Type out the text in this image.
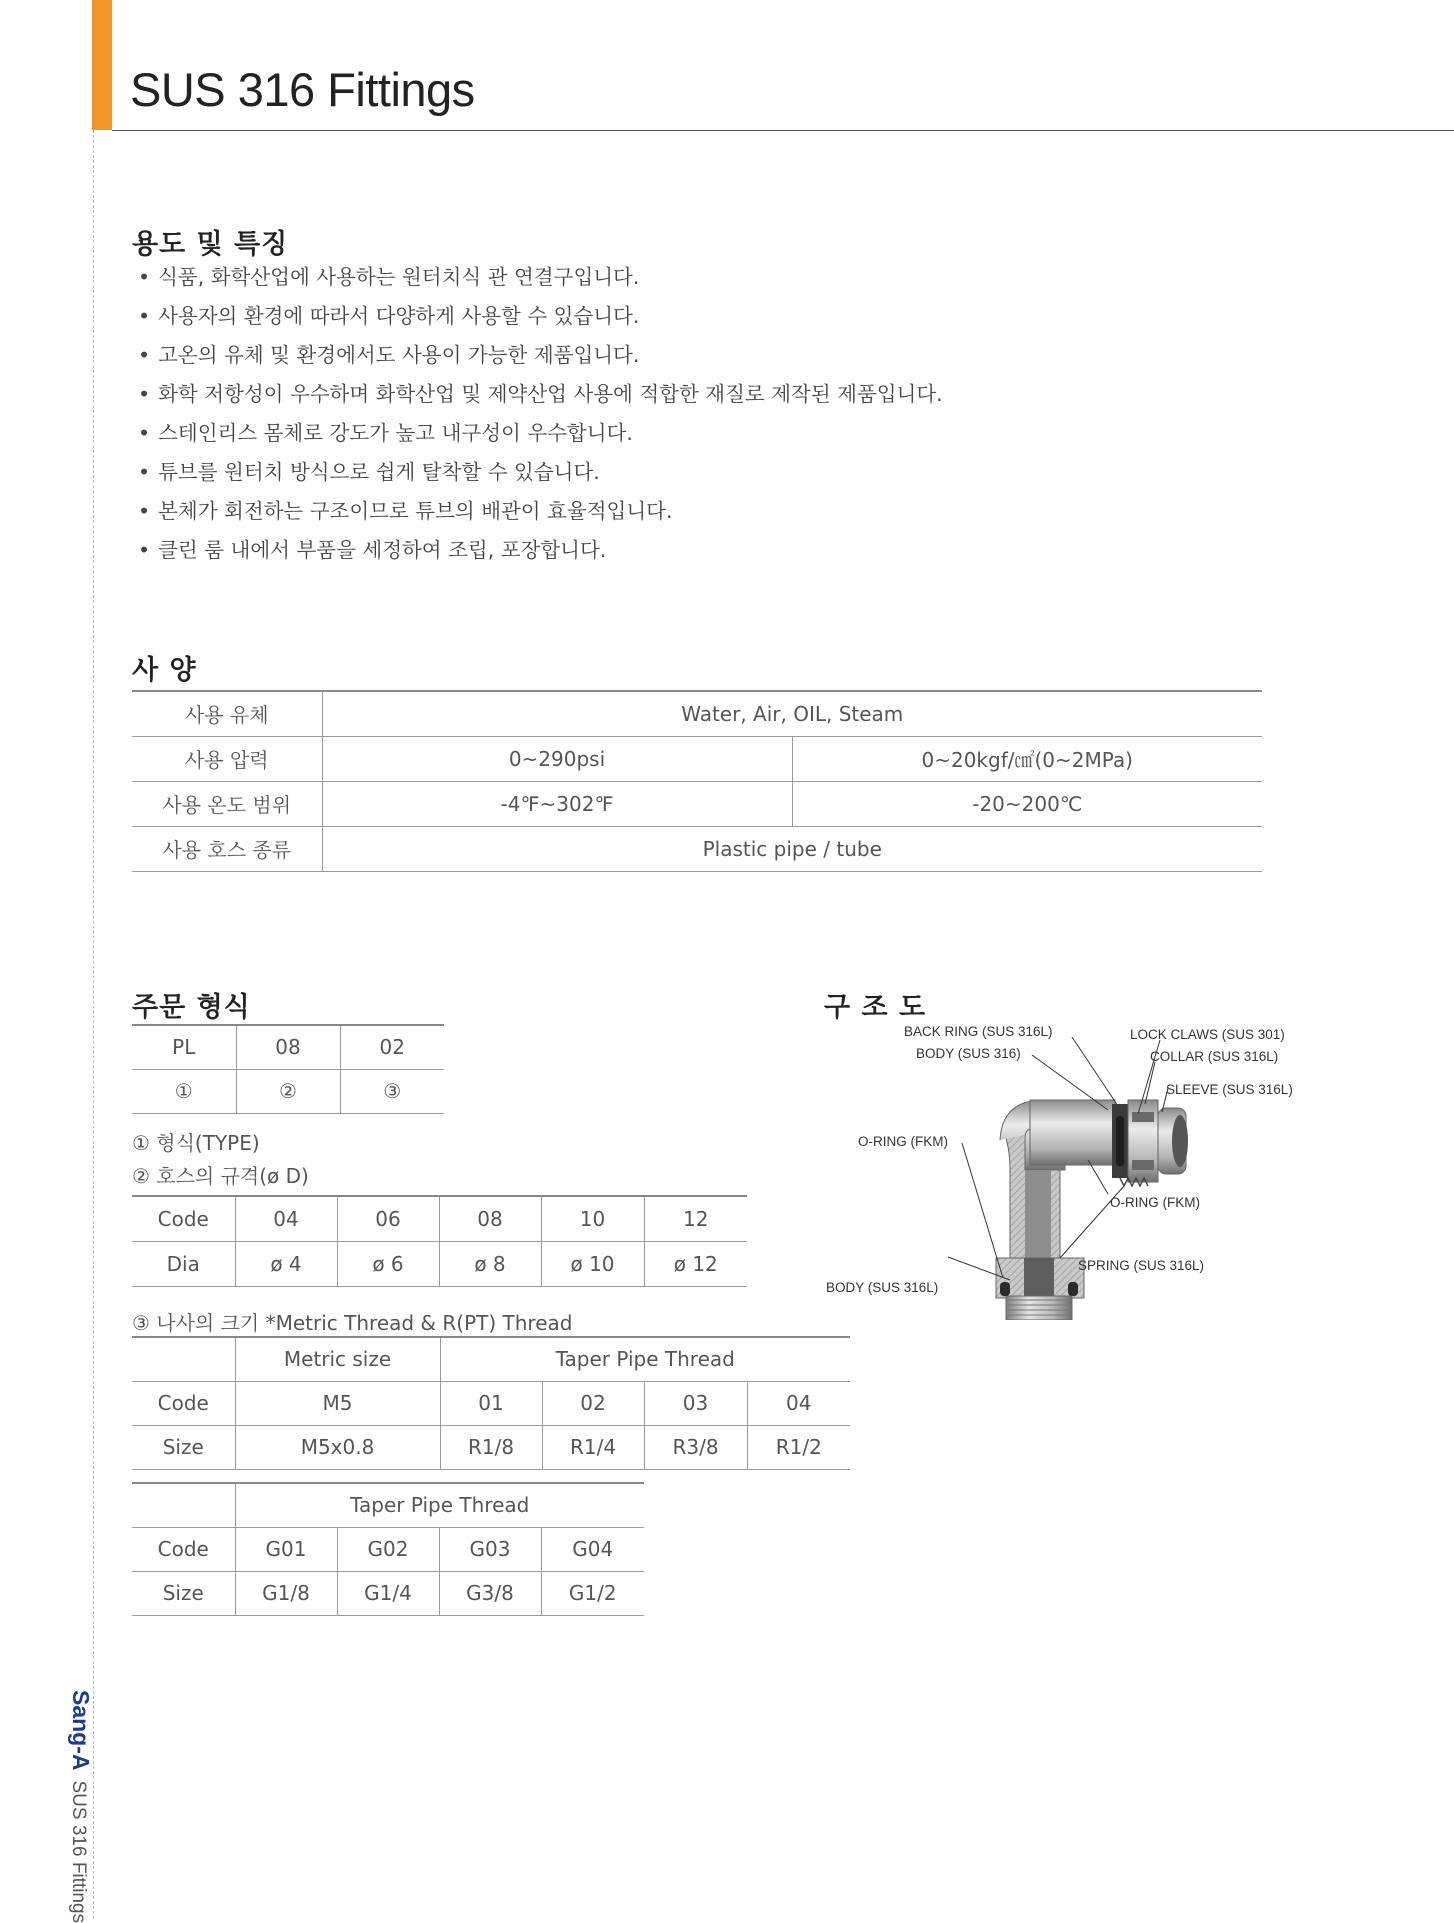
SUS 316 Fittings
용도 및 특징
• 식품, 화학산업에 사용하는 원터치식 관 연결구입니다.
• 사용자의 환경에 따라서 다양하게 사용할 수 있습니다.
• 고온의 유체 및 환경에서도 사용이 가능한 제품입니다.
• 화학 저항성이 우수하며 화학산업 및 제약산업 사용에 적합한 재질로 제작된 제품입니다.
• 스테인리스 몸체로 강도가 높고 내구성이 우수합니다.
• 튜브를 원터치 방식으로 쉽게 탈착할 수 있습니다.
• 본체가 회전하는 구조이므로 튜브의 배관이 효율적입니다.
• 클린 룸 내에서 부품을 세정하여 조립, 포장합니다.
사 양
사용 유체	Water, Air, OIL, Steam	
사용 압력	0~290psi	0~20kgf/㎠(0~2MPa)
사용 온도 범위	-4℉~302℉	-20~200℃
사용 호스 종류	Plastic pipe / tube	
주문 형식
PL	08	02
①	②	③
① 형식(TYPE)
② 호스의 규격(ø D)
Code	04	06	08	10	12
Dia	ø 4	ø 6	ø 8	ø 10	ø 12
③ 나사의 크기 *Metric Thread & R(PT) Thread
	Metric size	Taper Pipe Thread			
Code	M5	01	02	03	04
Size	M5x0.8	R1/8	R1/4	R3/8	R1/2
	Taper Pipe Thread			
Code	G01	G02	G03	G04
Size	G1/8	G1/4	G3/8	G1/2
구 조 도
BACK RING (SUS 316L)
BODY (SUS 316)
LOCK CLAWS (SUS 301)
COLLAR (SUS 316L)
SLEEVE (SUS 316L)
O-RING (FKM)
O-RING (FKM)
SPRING (SUS 316L)
BODY (SUS 316L)
Sang-ASUS 316 Fittings
